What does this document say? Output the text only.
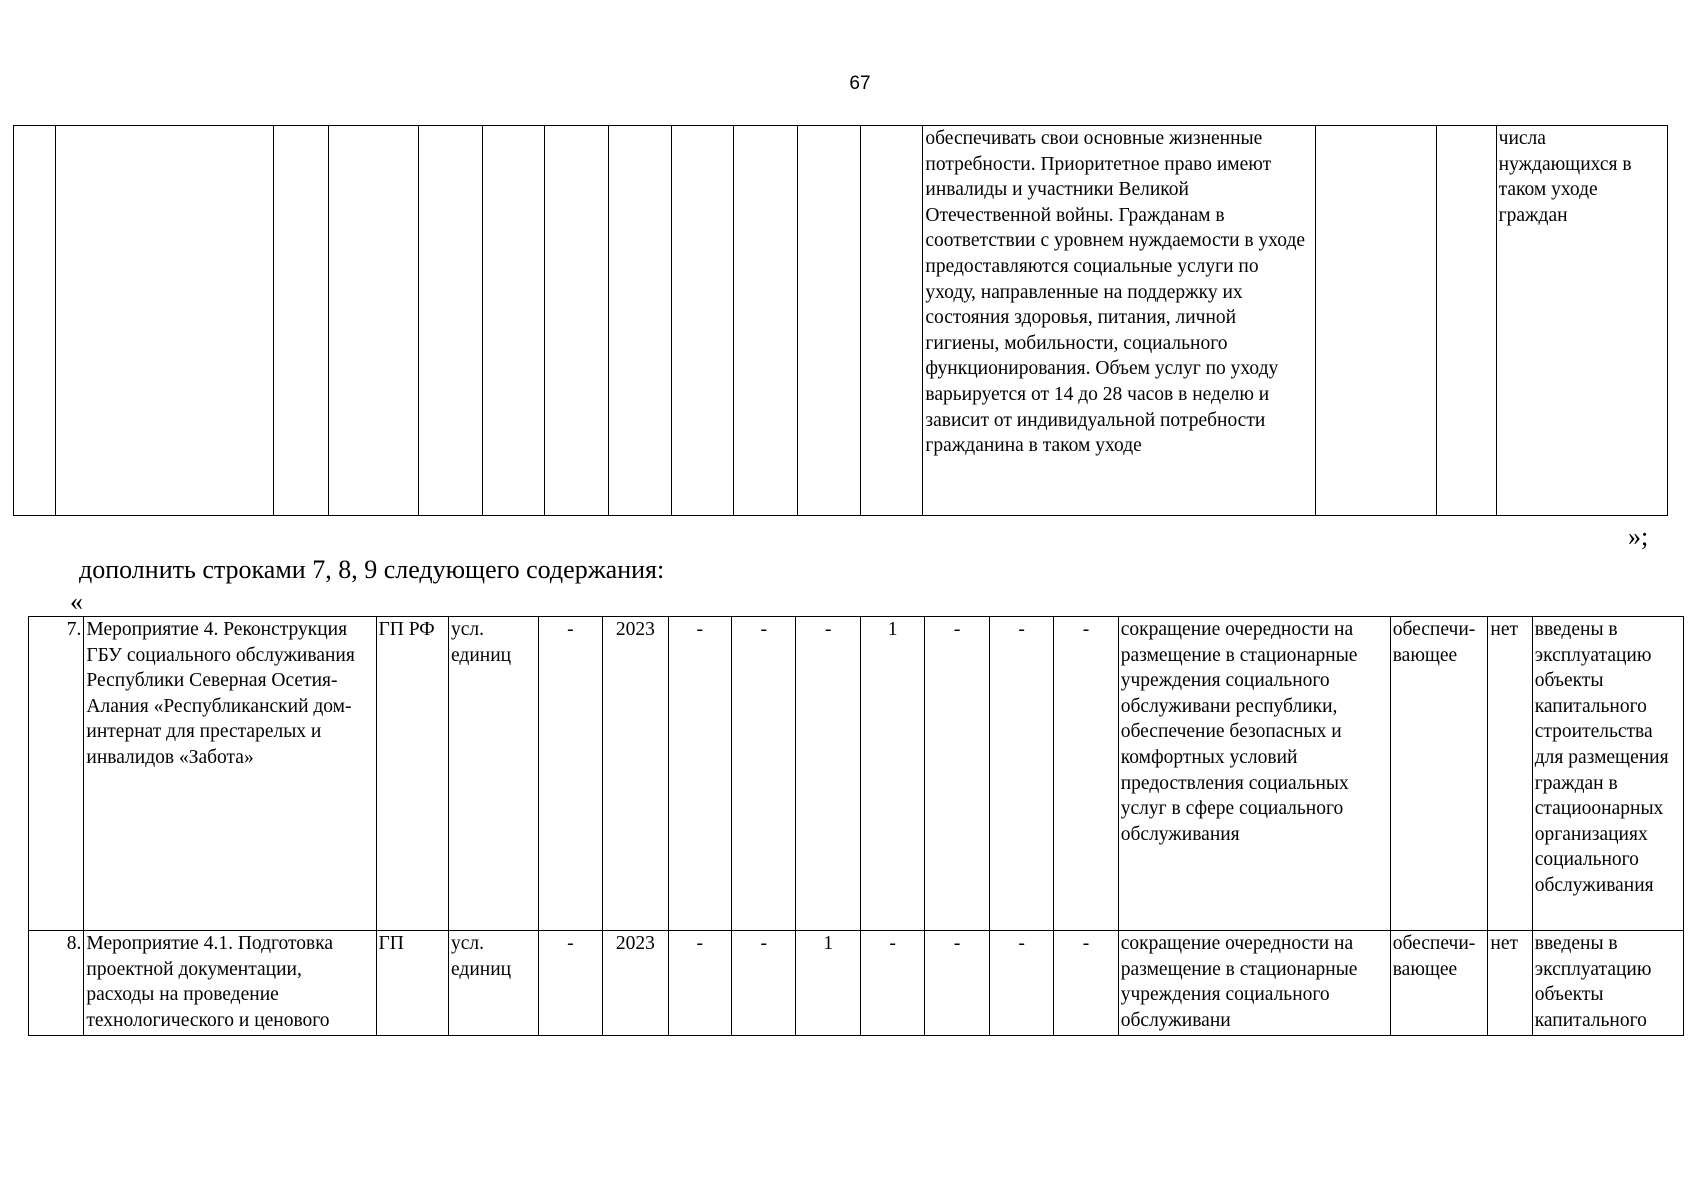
67
												обеспечивать свои основные жизненные потребности. Приоритетное право имеют инвалиды и участники Великой Отечественной войны. Гражданам в соответствии с уровнем нуждаемости в уходе предоставляются социальные услуги по уходу, направленные на поддержку их состояния здоровья, питания, личной гигиены, мобильности, социального функционирования. Объем услуг по уходу варьируется от 14 до 28 часов в неделю и зависит от индивидуальной потребности гражданина в таком уходе			числа нуждающихся в таком уходе граждан
»;
дополнить строками 7, 8, 9 следующего содержания:
«
7.	Мероприятие 4. Реконструкция ГБУ социального обслуживания Республики Северная Осетия-Алания «Республиканский дом-интернат для престарелых и инвалидов «Забота»	ГП РФ	усл. единиц	-	2023	-	-	-	1	-	-	-	сокращение очередности на размещение в стационарные учреждения социального обслуживани республики, обеспечение безопасных и комфортных условий предоствления социальных услуг в сфере социального обслуживания	обеспечи-вающее	нет	введены в эксплуатацию объекты капитального строительства для размещения граждан в стациоонарных организациях социального обслуживания
8.	Мероприятие 4.1. Подготовка проектной документации, расходы на проведение технологического и ценового	ГП	усл. единиц	-	2023	-	-	1	-	-	-	-	сокращение очередности на размещение в стационарные учреждения социального обслуживани	обеспечи-вающее	нет	введены в эксплуатацию объекты капитального
